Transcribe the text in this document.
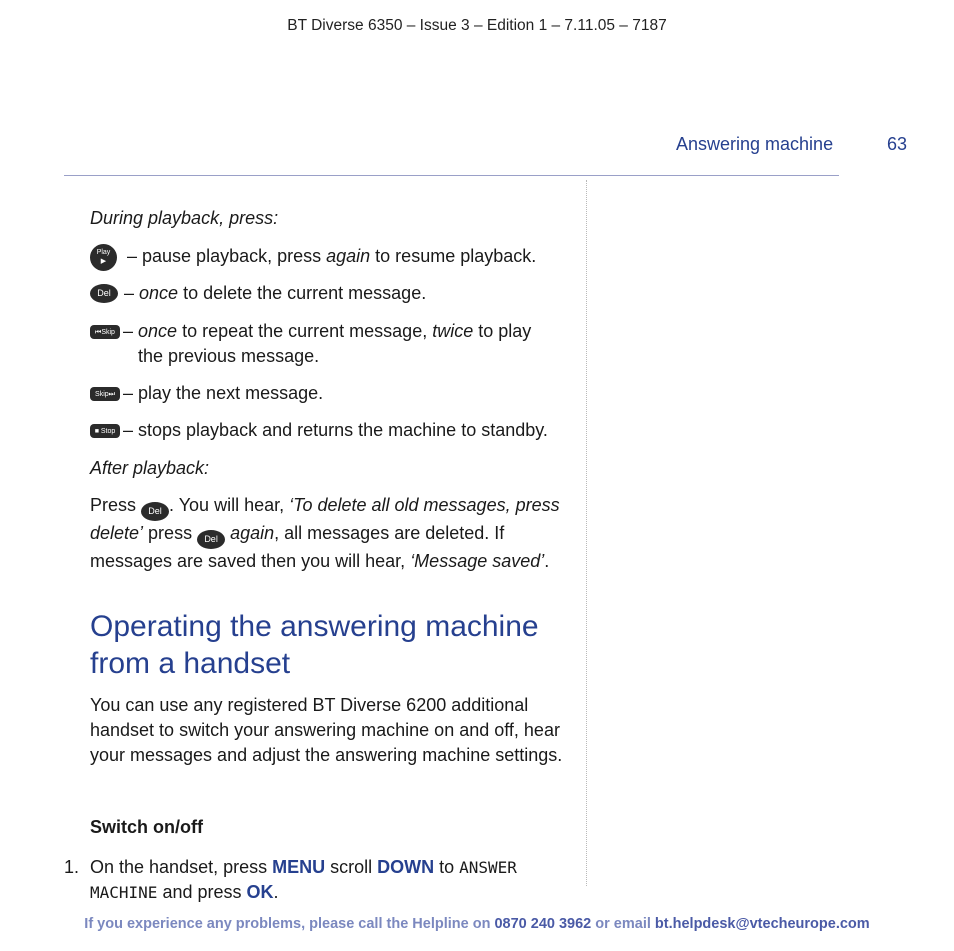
BT Diverse 6350 – Issue 3 – Edition 1 – 7.11.05 – 7187
Answering machine	63
During playback, press:
Play
▶	– pause playback, press again to resume playback.
Del – once to delete the current message.
⏮Skip – once to repeat the current message, twice to play
the previous message.
Skip⏭ – play the next message.
■ Stop – stops playback and returns the machine to standby.
After playback:
Press Del . You will hear, ‘To delete all old messages, press
delete’ press Del again, all messages are deleted. If
messages are saved then you will hear, ‘Message saved’.
Operating the answering machine from a handset
You can use any registered BT Diverse 6200 additional handset to switch your answering machine on and off, hear your messages and adjust the answering machine settings.
Switch on/off
1. On the handset, press MENU scroll DOWN to ANSWER MACHINE and press OK.
If you experience any problems, please call the Helpline on 0870 240 3962 or email bt.helpdesk@vtecheurope.com
